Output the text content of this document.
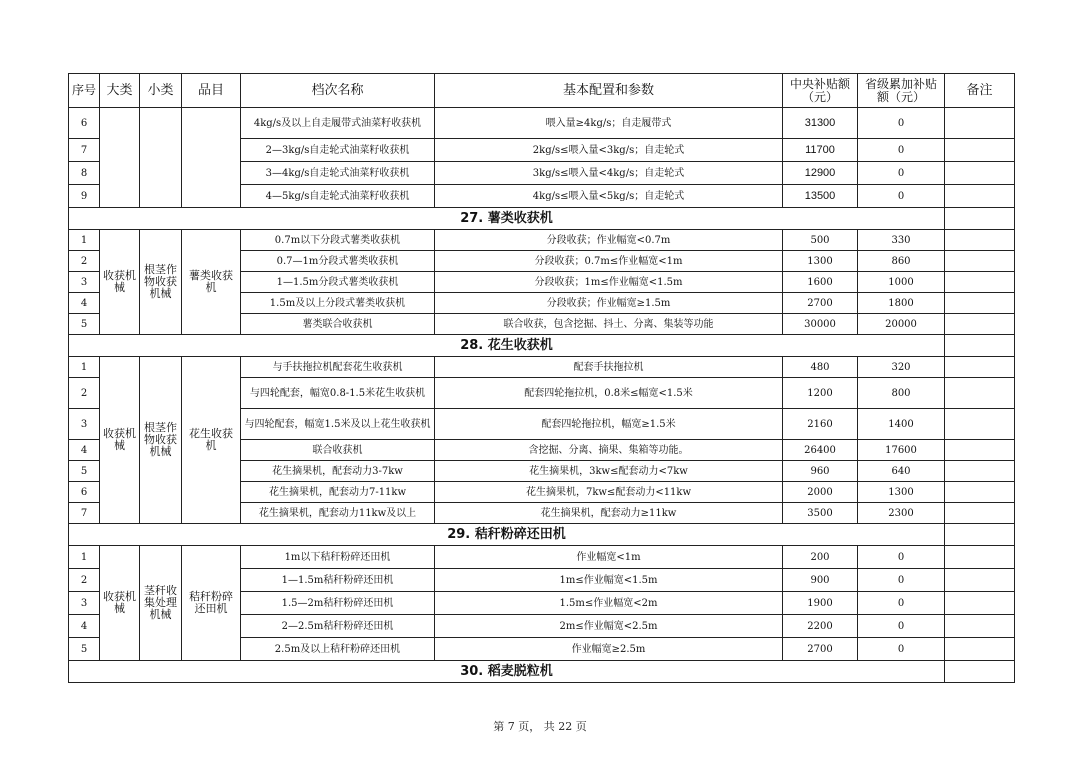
序号	大类	小类	品目	档次名称	基本配置和参数	中央补贴额（元）	省级累加补贴额（元）	备注
6				4kg/s及以上自走履带式油菜籽收获机	喂入量≥4kg/s；自走履带式	31300	0	
7				2—3kg/s自走轮式油菜籽收获机	2kg/s≤喂入量<3kg/s；自走轮式	11700	0	
8				3—4kg/s自走轮式油菜籽收获机	3kg/s≤喂入量<4kg/s；自走轮式	12900	0	
9				4—5kg/s自走轮式油菜籽收获机	4kg/s≤喂入量<5kg/s；自走轮式	13500	0	
27. 薯类收获机								
1	收获机械	根茎作物收获机械	薯类收获机	0.7m以下分段式薯类收获机	分段收获；作业幅宽<0.7m	500	330	
2				0.7—1m分段式薯类收获机	分段收获；0.7m≤作业幅宽<1m	1300	860	
3				1—1.5m分段式薯类收获机	分段收获；1m≤作业幅宽<1.5m	1600	1000	
4				1.5m及以上分段式薯类收获机	分段收获；作业幅宽≥1.5m	2700	1800	
5				薯类联合收获机	联合收获，包含挖掘、抖土、分离、集装等功能	30000	20000	
28. 花生收获机								
1	收获机械	根茎作物收获机械	花生收获机	与手扶拖拉机配套花生收获机	配套手扶拖拉机	480	320	
2				与四轮配套，幅宽0.8-1.5米花生收获机	配套四轮拖拉机，0.8米≤幅宽<1.5米	1200	800	
3				与四轮配套，幅宽1.5米及以上花生收获机	配套四轮拖拉机，幅宽≥1.5米	2160	1400	
4				联合收获机	含挖掘、分离、摘果、集箱等功能。	26400	17600	
5				花生摘果机，配套动力3-7kw	花生摘果机，3kw≤配套动力<7kw	960	640	
6				花生摘果机，配套动力7-11kw	花生摘果机，7kw≤配套动力<11kw	2000	1300	
7				花生摘果机，配套动力11kw及以上	花生摘果机，配套动力≥11kw	3500	2300	
29. 秸秆粉碎还田机								
1	收获机械	茎秆收集处理机械	秸秆粉碎还田机	1m以下秸秆粉碎还田机	作业幅宽<1m	200	0	
2				1—1.5m秸秆粉碎还田机	1m≤作业幅宽<1.5m	900	0	
3				1.5—2m秸秆粉碎还田机	1.5m≤作业幅宽<2m	1900	0	
4				2—2.5m秸秆粉碎还田机	2m≤作业幅宽<2.5m	2200	0	
5				2.5m及以上秸秆粉碎还田机	作业幅宽≥2.5m	2700	0	
30. 稻麦脱粒机								
第 7 页， 共 22 页
